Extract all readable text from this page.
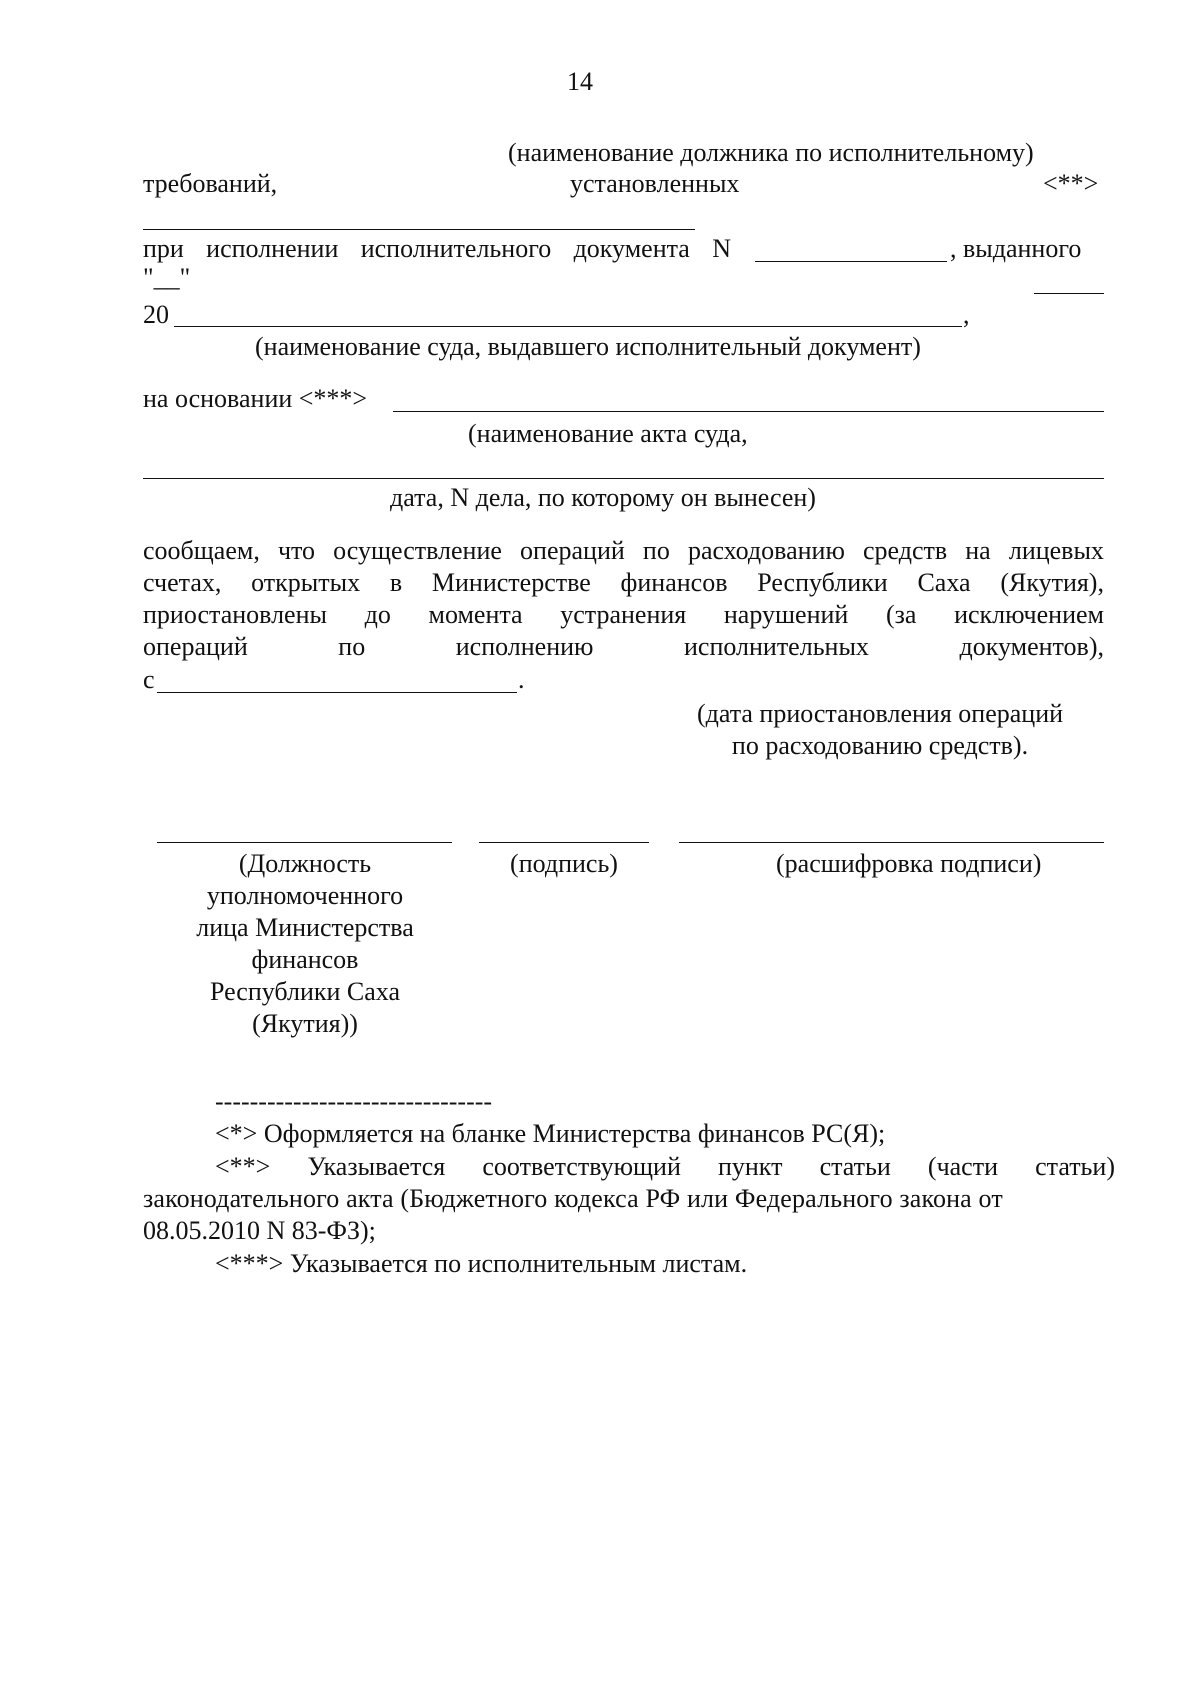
14
(наименование должника по исполнительному)
требований,	установленных	<**>
при исполнении исполнительного документа N	, выданного
"__"
20	,
(наименование суда, выдавшего исполнительный документ)
на основании <***>
(наименование акта суда,
дата, N дела, по которому он вынесен)
сообщаем, что осуществление операций по расходованию средств на лицевых
счетах, открытых в Министерстве финансов Республики Саха (Якутия),
приостановлены до момента устранения нарушений (за исключением
операций	по	исполнению	исполнительных	документов),
с	.
(дата приостановления операций
по расходованию средств).
(Должность
уполномоченного
лица Министерства
финансов
Республики Саха
(Якутия))
(подпись)	(расшифровка подписи)
--------------------------------
<*> Оформляется на бланке Министерства финансов РС(Я);
<**> Указывается соответствующий пункт статьи (части статьи)
законодательного акта (Бюджетного кодекса РФ или Федерального закона от
08.05.2010 N 83-ФЗ);
<***> Указывается по исполнительным листам.
